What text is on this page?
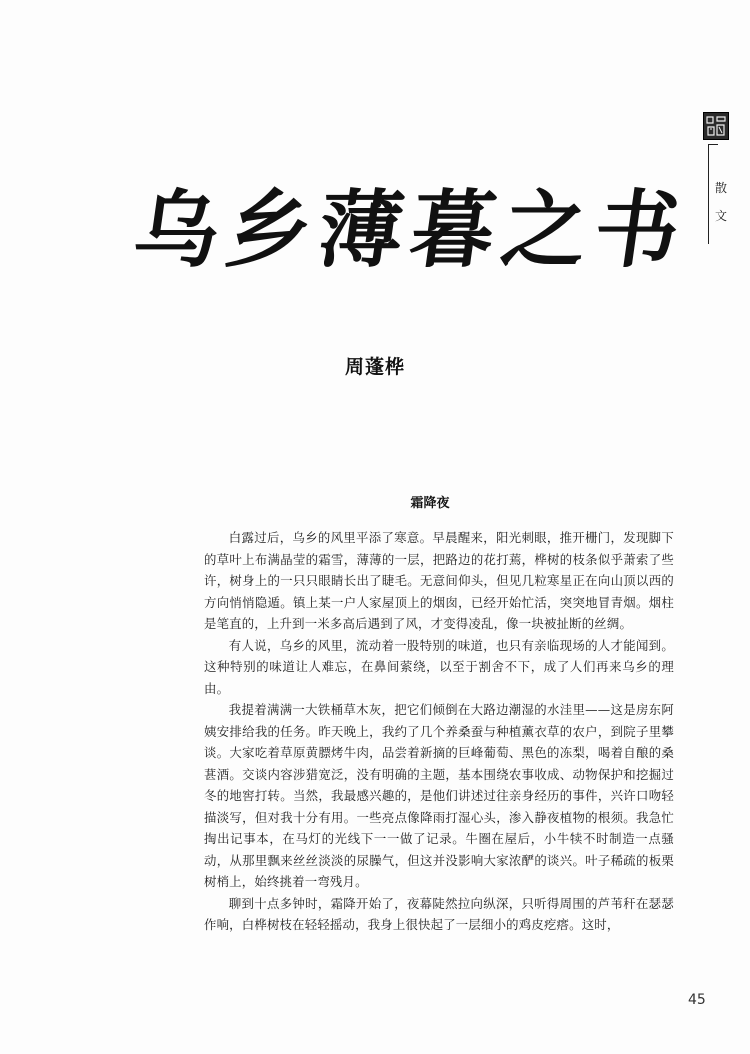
散
文
乌乡薄暮之书
周蓬桦
霜降夜

白露过后，乌乡的风里平添了寒意。早晨醒来，阳光刺眼，推开栅门，发现脚下的草叶上布满晶莹的霜雪，薄薄的一层，把路边的花打蔫，桦树的枝条似乎萧索了些许，树身上的一只只眼睛长出了睫毛。无意间仰头，但见几粒寒星正在向山顶以西的方向悄悄隐遁。镇上某一户人家屋顶上的烟囱，已经开始忙活，突突地冒青烟。烟柱是笔直的，上升到一米多高后遇到了风，才变得凌乱，像一块被扯断的丝绸。

有人说，乌乡的风里，流动着一股特别的味道，也只有亲临现场的人才能闻到。这种特别的味道让人难忘，在鼻间萦绕，以至于割舍不下，成了人们再来乌乡的理由。

我提着满满一大铁桶草木灰，把它们倾倒在大路边潮湿的水洼里——这是房东阿姨安排给我的任务。昨天晚上，我约了几个养桑蚕与种植薰衣草的农户，到院子里攀谈。大家吃着草原黄膘烤牛肉，品尝着新摘的巨峰葡萄、黑色的冻梨，喝着自酿的桑葚酒。交谈内容涉猎宽泛，没有明确的主题，基本围绕农事收成、动物保护和挖掘过冬的地窖打转。当然，我最感兴趣的，是他们讲述过往亲身经历的事件，兴许口吻轻描淡写，但对我十分有用。一些亮点像降雨打湿心头，渗入静夜植物的根须。我急忙掏出记事本，在马灯的光线下一一做了记录。牛圈在屋后，小牛犊不时制造一点骚动，从那里飘来丝丝淡淡的尿臊气，但这并没影响大家浓酽的谈兴。叶子稀疏的板栗树梢上，始终挑着一弯残月。

聊到十点多钟时，霜降开始了，夜幕陡然拉向纵深，只听得周围的芦苇秆在瑟瑟作响，白桦树枝在轻轻摇动，我身上很快起了一层细小的鸡皮疙瘩。这时，

45
